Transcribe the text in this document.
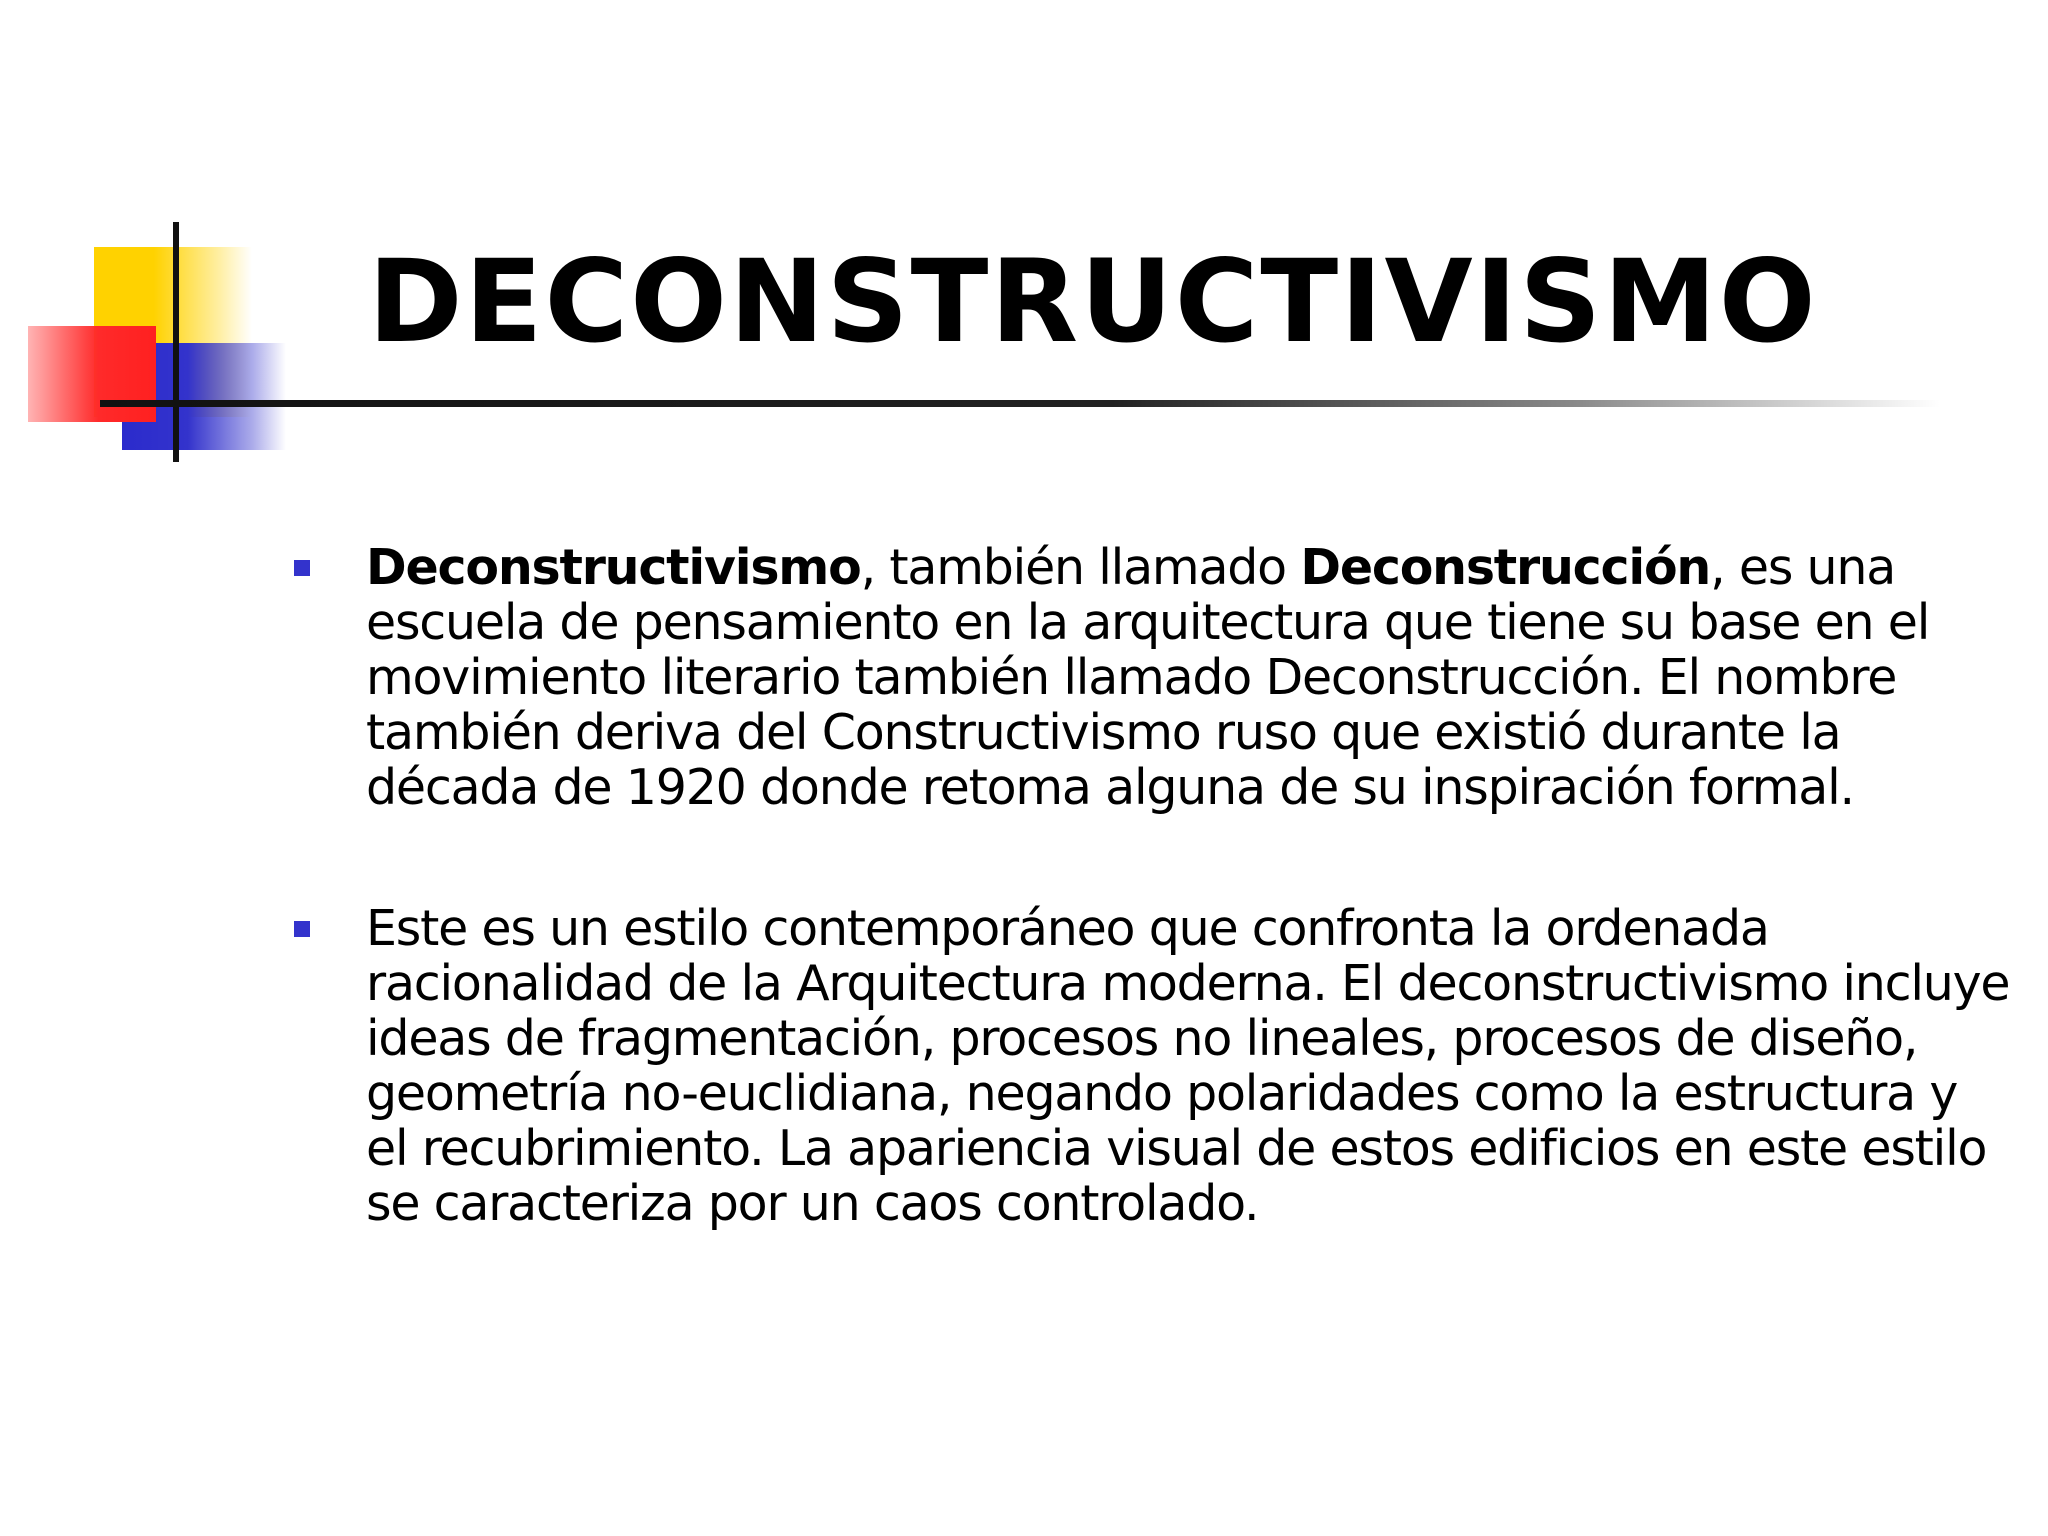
DECONSTRUCTIVISMO
Deconstructivismo, también llamado Deconstrucción, es una escuela de pensamiento en la arquitectura que tiene su base en el movimiento literario también llamado Deconstrucción. El nombre también deriva del Constructivismo ruso que existió durante la década de 1920 donde retoma alguna de su inspiración formal.
Este es un estilo contemporáneo que confronta la ordenada racionalidad de la Arquitectura moderna. El deconstructivismo incluye ideas de fragmentación, procesos no lineales, procesos de diseño, geometría no-euclidiana, negando polaridades como la estructura y el recubrimiento. La apariencia visual de estos edificios en este estilo se caracteriza por un caos controlado.
